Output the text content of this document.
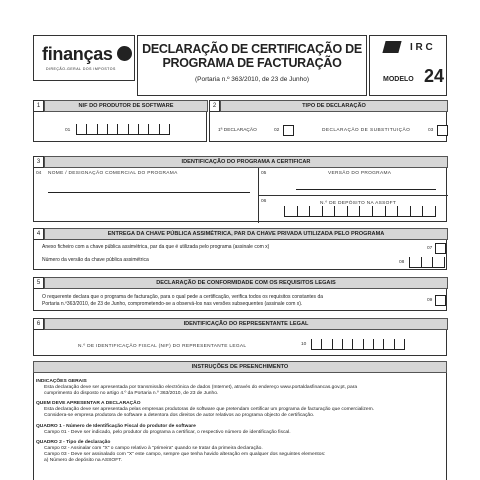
finanças
DIREÇÃO-GERAL DOS IMPOSTOS
DECLARAÇÃO DE CERTIFICAÇÃO DE
PROGRAMA DE FACTURAÇÃO
(Portaria n.º 363/2010, de 23 de Junho)
I R C
MODELO 24
1	NIF DO PRODUTOR DE SOFTWARE
01
2	TIPO DE DECLARAÇÃO
1ª DECLARAÇÃO	02	DECLARAÇÃO DE SUBSTITUIÇÃO	03
3	IDENTIFICAÇÃO DO PROGRAMA A CERTIFICAR
04 NOME / DESIGNAÇÃO COMERCIAL DO PROGRAMA	05	VERSÃO DO PROGRAMA
06	N.º DE DEPÓSITO NA ASSOFT
4	ENTREGA DA CHAVE PÚBLICA ASSIMÉTRICA, PAR DA CHAVE PRIVADA UTILIZADA PELO PROGRAMA
Anexo ficheiro com a chave pública assimétrica, par da que é utilizada pelo programa (assinale com x)	07
Número da versão da chave pública assimétrica	08
5	DECLARAÇÃO DE CONFORMIDADE COM OS REQUISITOS LEGAIS
O requerente declara que o programa de facturação, para o qual pede a certificação, verifica todos os requisitos constantes da
Portaria n.º363/2010, de 23 de Junho, comprometendo-se a observá-los nas versões subsequentes (assinale com x).
09
6	IDENTIFICAÇÃO DO REPRESENTANTE LEGAL
N.º DE IDENTIFICAÇÃO FISCAL (NIF) DO REPRESENTANTE LEGAL	10
INSTRUÇÕES DE PREENCHIMENTO

INDICAÇÕES GERAIS

Esta declaração deve ser apresentada por transmissão electrónica de dados (Internet), através do endereço www.portaldasfinancas.gov.pt, para

cumprimento do disposto no artigo 4.º da Portaria n.º 363/2010, de 23 de Junho.

QUEM DEVE APRESENTAR A DECLARAÇÃO

Esta declaração deve ser apresentada pelas empresas produtoras de software que pretendam certificar um programa de facturação que comercializem.

Considera-se empresa produtora de software a detentora dos direitos de autor relativos ao programa objecto de certificação.

QUADRO 1 - Número de Identificação Fiscal do produtor de software

Campo 01 - Deve ser indicado, pelo produtor do programa a certificar, o respectivo número de identificação fiscal.

QUADRO 2 - Tipo de declaração

Campo 02 - Assinalar com "X" o campo relativo à "primeira" quando se tratar da primeira declaração.

Campo 03 - Deve ser assinalado com "X" este campo, sempre que tenha havido alteração em qualquer dos seguintes elementos:

a) Número de depósito na ASSOFT.
